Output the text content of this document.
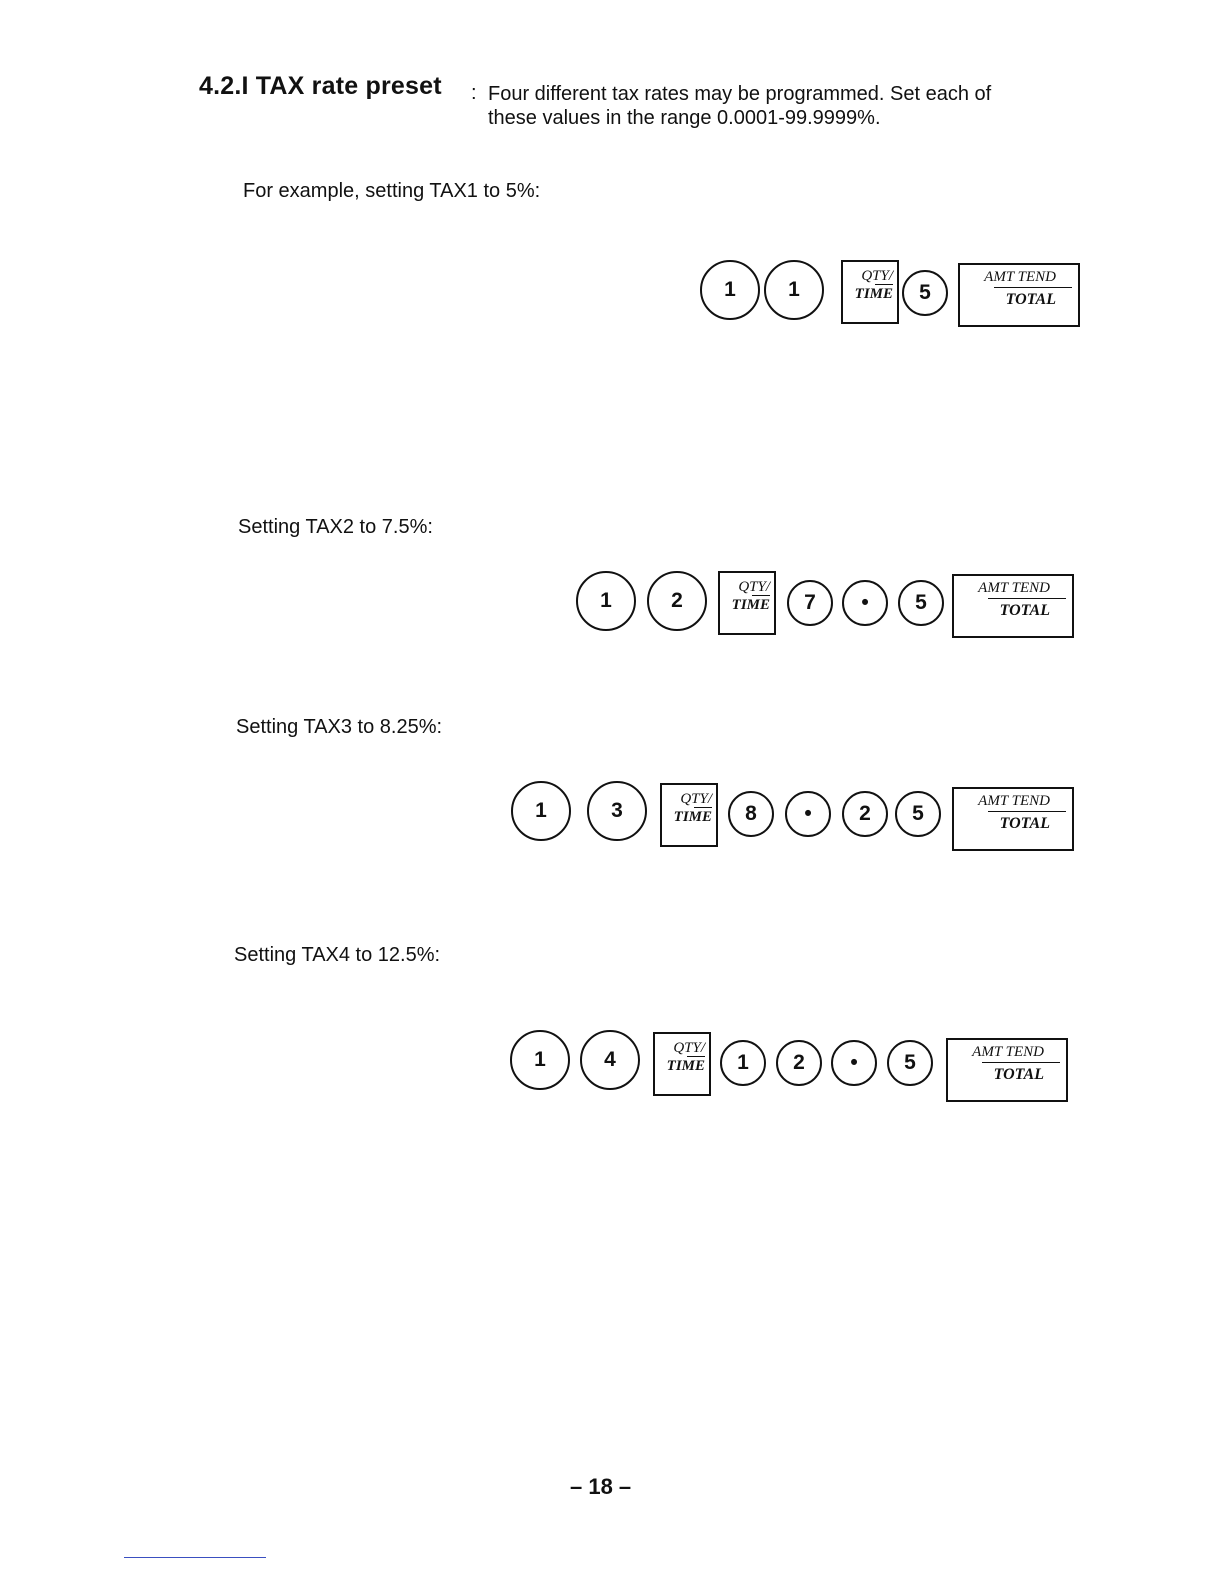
4.2.I TAX rate preset : Four different tax rates may be programmed. Set each of
these values in the range 0.0001-99.9999%.
For example, setting TAX1 to 5%:
1	1
QTY/
TIME	5
AMT TEND
TOTAL
Setting TAX2 to 7.5%:
1	2
QTY/
TIME	7	•	5
AMT TEND
TOTAL
Setting TAX3 to 8.25%:
1	3	QTY/
TIME	8	•	2	5
AMT TEND
TOTAL
Setting TAX4 to 12.5%:
1	4	QTY/
TIME	1	2	•	5	AMT TEND
TOTAL
– 18 –
